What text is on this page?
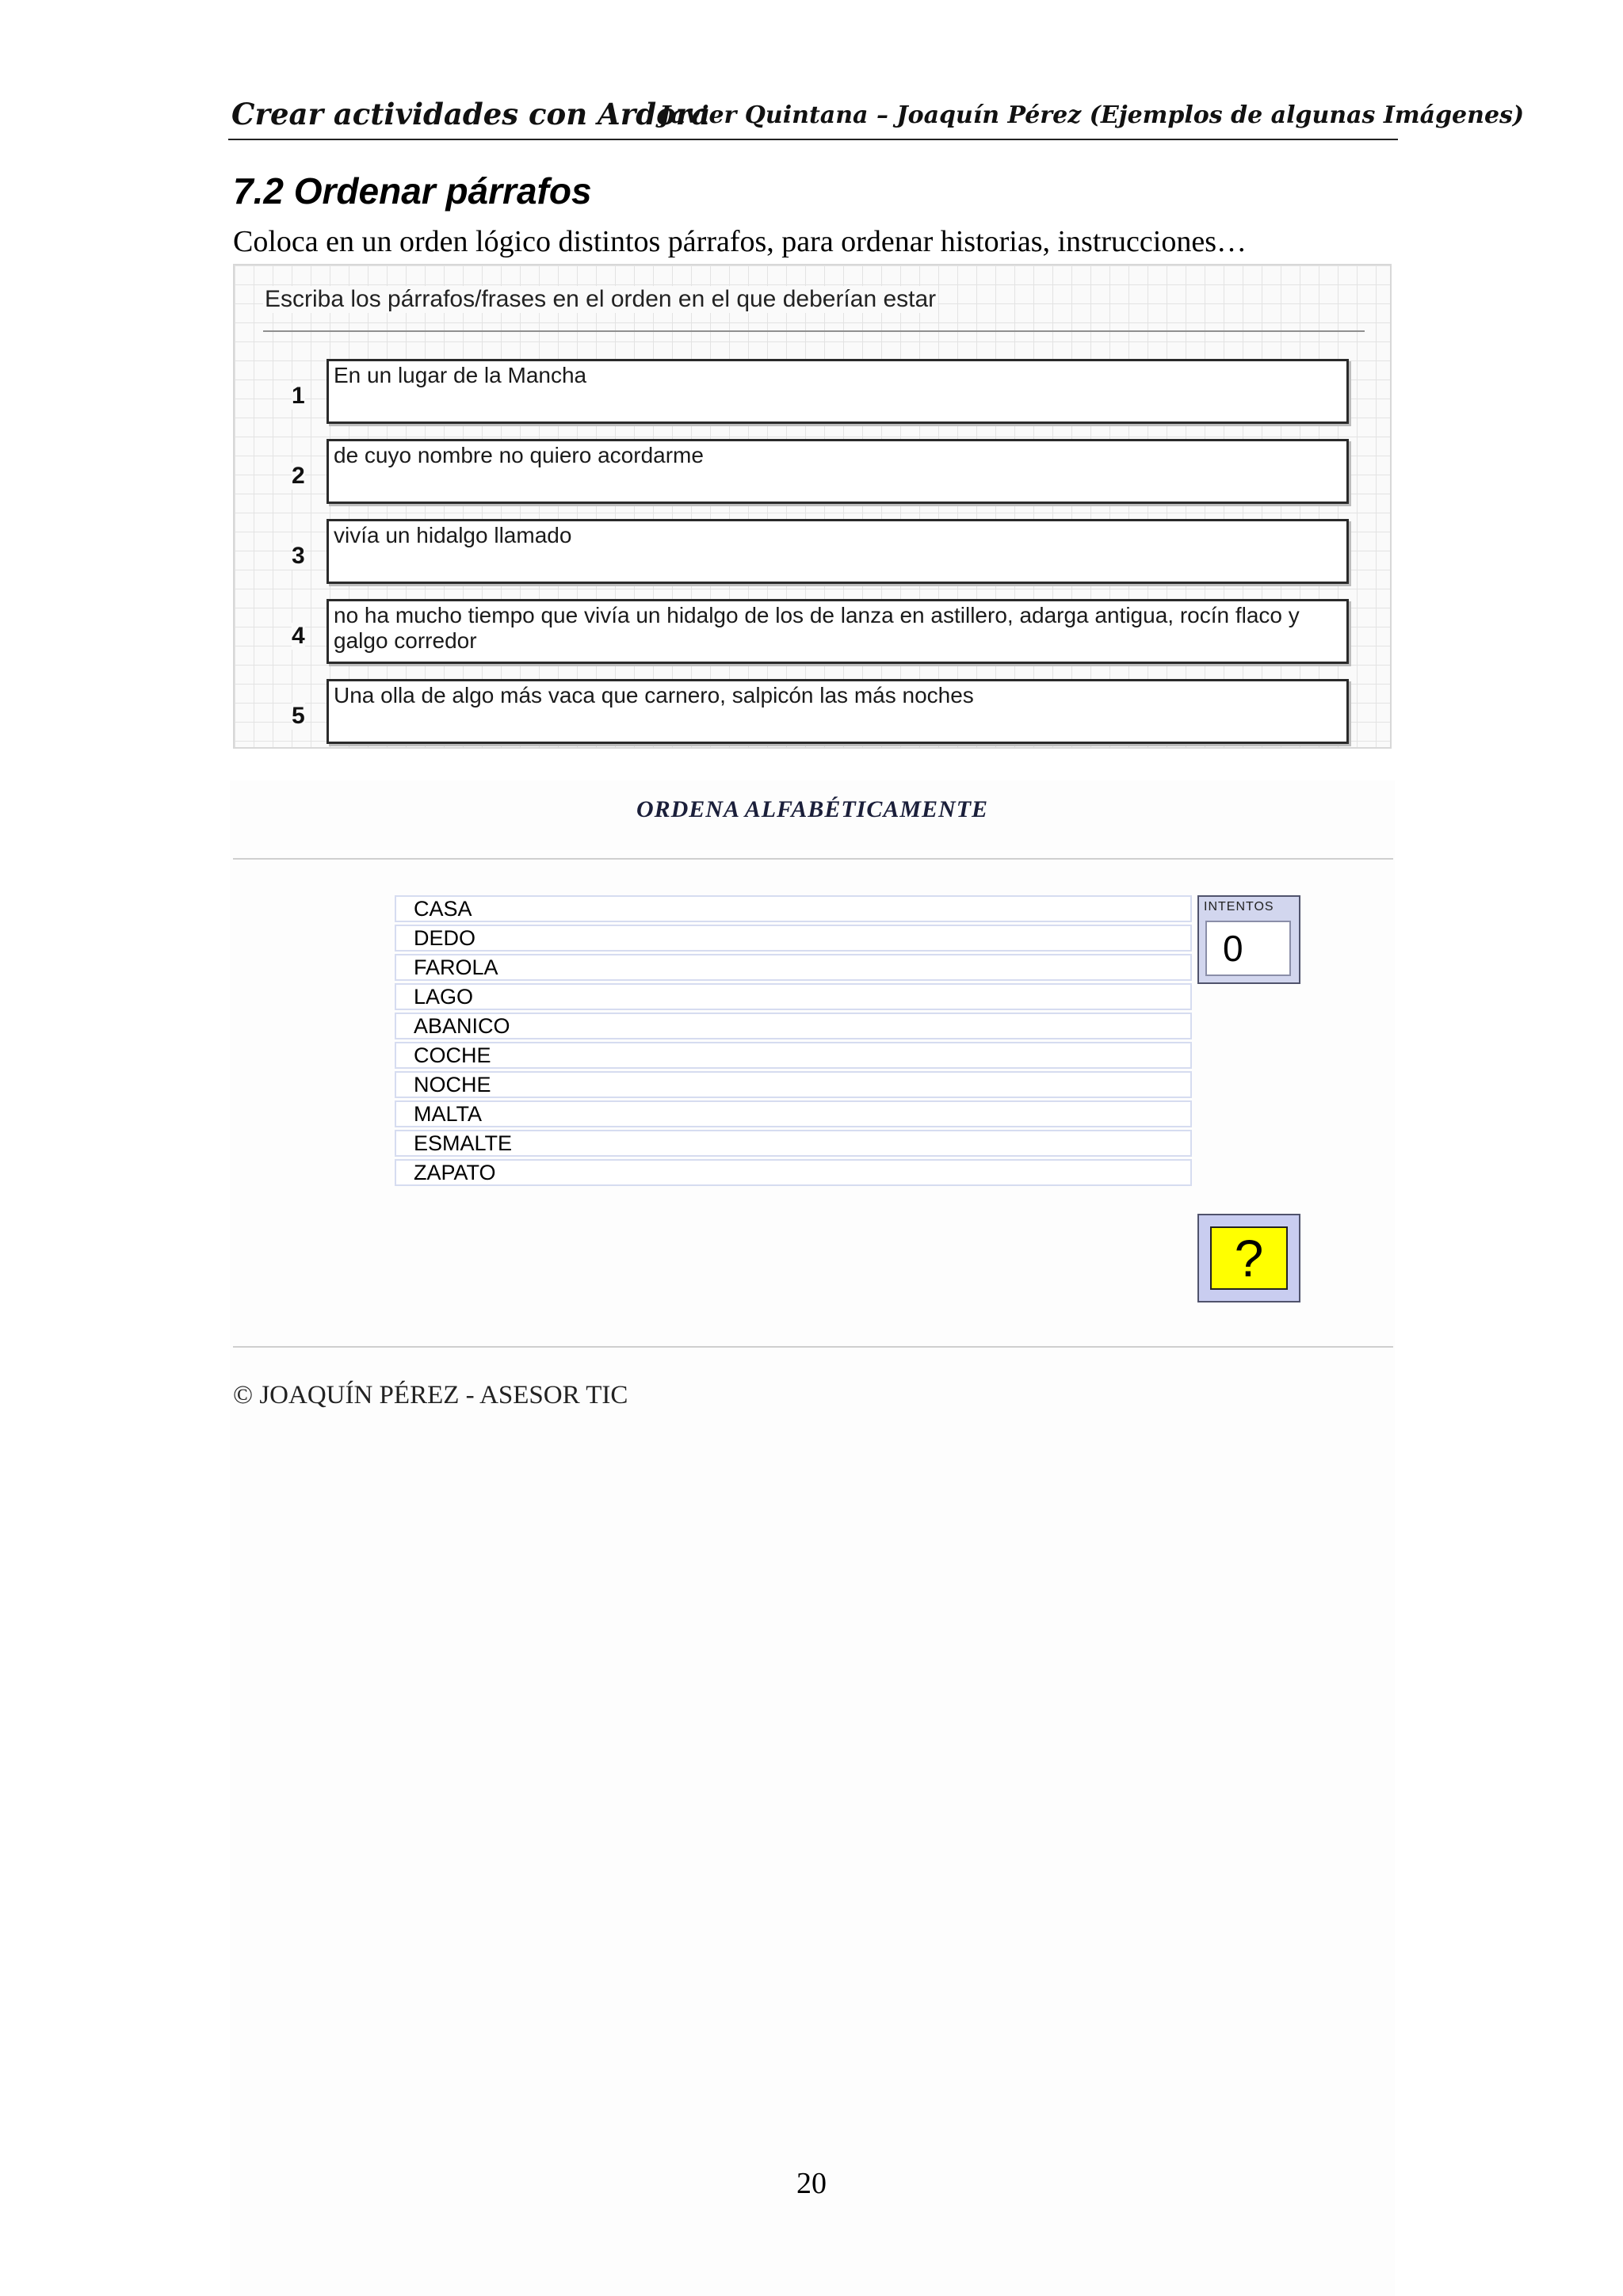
Crear actividades con Ardora
Javier Quintana – Joaquín Pérez (Ejemplos de algunas Imágenes)
7.2 Ordenar párrafos
Coloca en un orden lógico distintos párrafos, para ordenar historias, instrucciones…
Escriba los párrafos/frases en el orden en el que deberían estar
1
En un lugar de la Mancha
2
de cuyo nombre no quiero acordarme
3
vivía un hidalgo llamado
4
no ha mucho tiempo que vivía un hidalgo de los de lanza en astillero, adarga antigua, rocín flaco y galgo corredor
5
Una olla de algo más vaca que carnero, salpicón las más noches
ORDENA ALFABÉTICAMENTE
CASA
DEDO
FAROLA
LAGO
ABANICO
COCHE
NOCHE
MALTA
ESMALTE
ZAPATO
INTENTOS
0
?
© JOAQUÍN PÉREZ - ASESOR TIC
20
